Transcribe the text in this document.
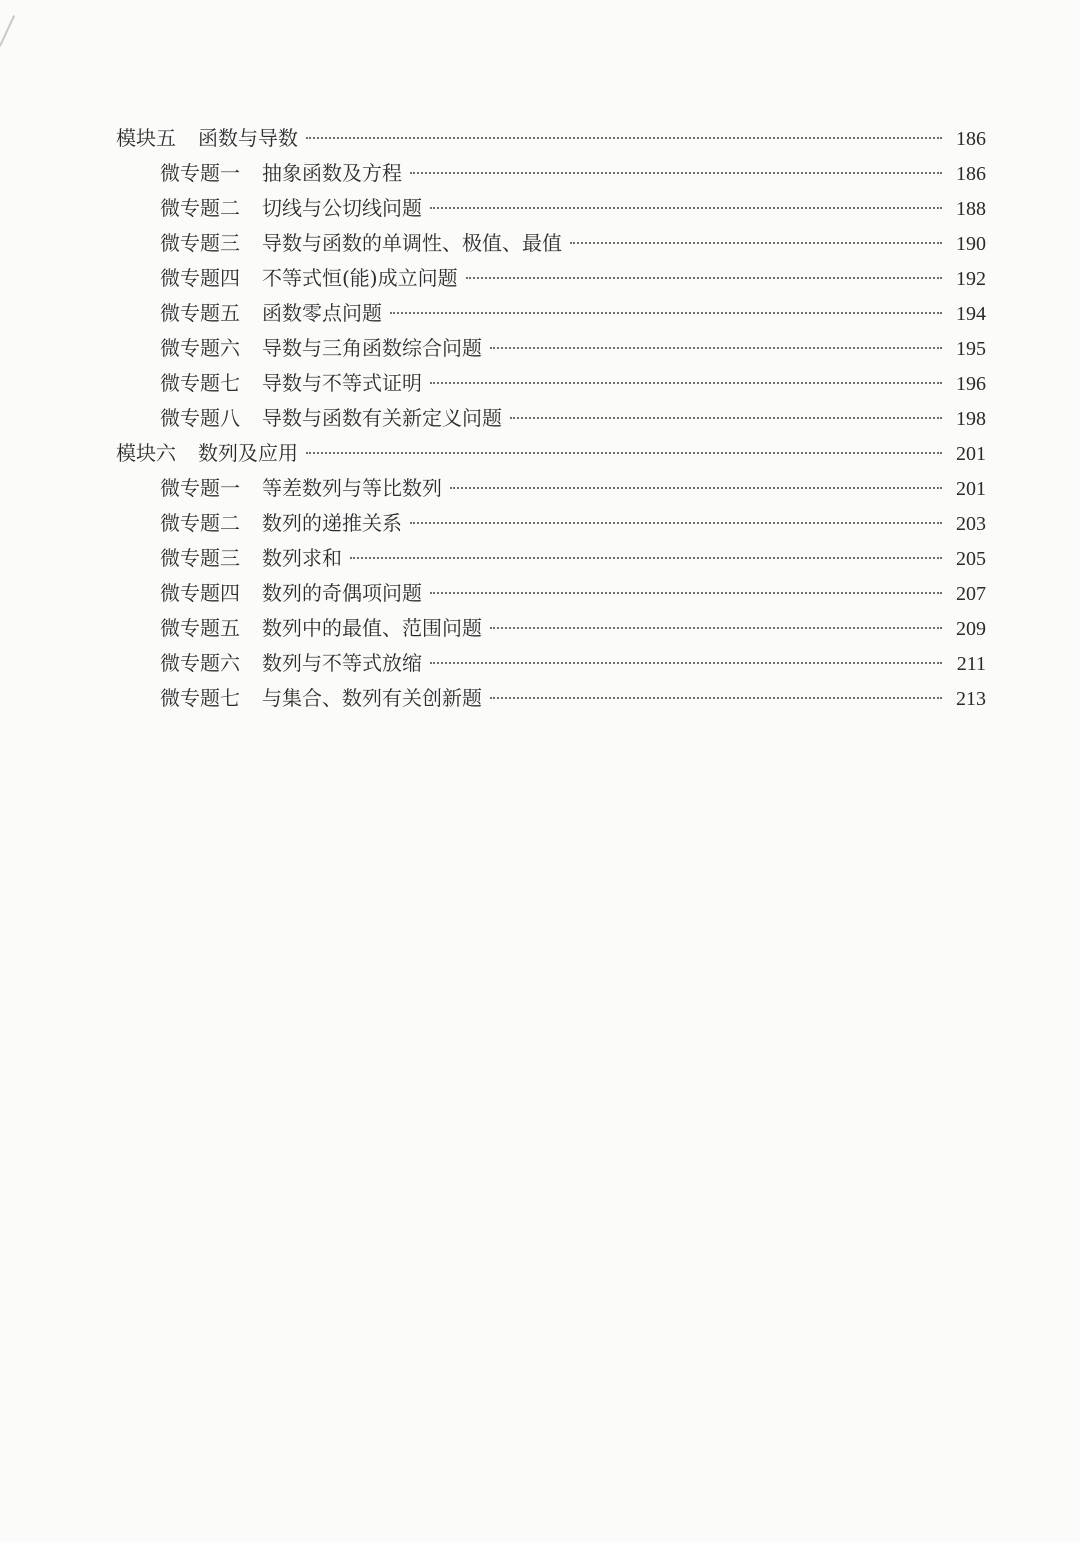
模块五 函数与导数	186
微专题一 抽象函数及方程	186
微专题二 切线与公切线问题	188
微专题三 导数与函数的单调性、极值、最值	190
微专题四 不等式恒(能)成立问题	192
微专题五 函数零点问题	194
微专题六 导数与三角函数综合问题	195
微专题七 导数与不等式证明	196
微专题八 导数与函数有关新定义问题	198
模块六 数列及应用	201
微专题一 等差数列与等比数列	201
微专题二 数列的递推关系	203
微专题三 数列求和	205
微专题四 数列的奇偶项问题	207
微专题五 数列中的最值、范围问题	209
微专题六 数列与不等式放缩	211
微专题七 与集合、数列有关创新题	213
